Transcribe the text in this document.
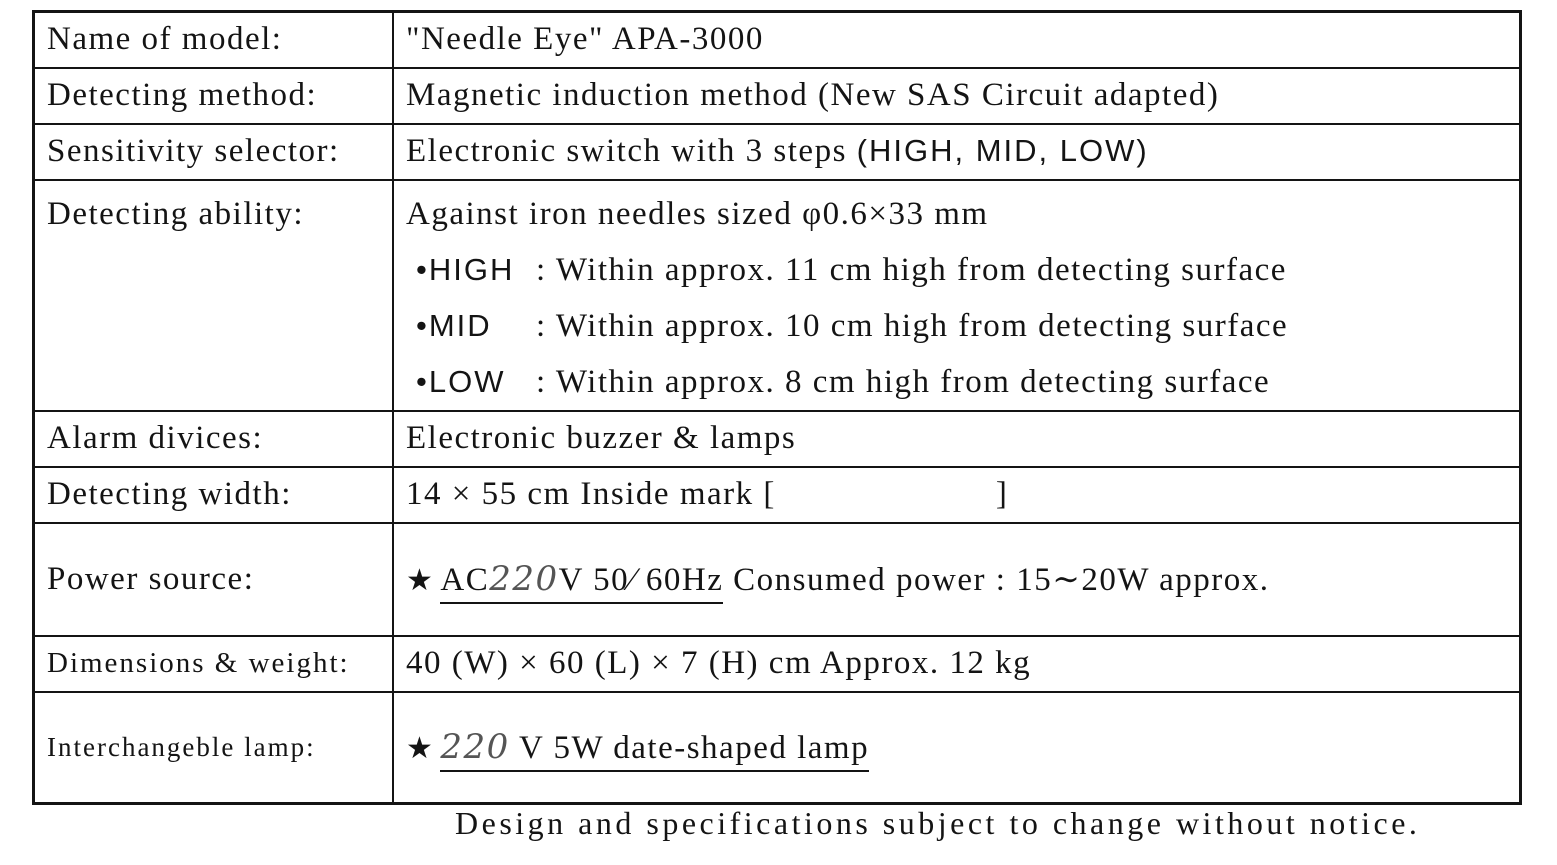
Name of model:	"Needle Eye" APA-3000
Detecting method:	Magnetic induction method (New SAS Circuit adapted)
Sensitivity selector:	Electronic switch with 3 steps (HIGH, MID, LOW)

Detecting ability:	Against iron needles sized φ0.6×33 mm
•HIGH : Within approx. 11 cm high from detecting surface
•MID : Within approx. 10 cm high from detecting surface
•LOW : Within approx. 8 cm high from detecting surface

Alarm divices:	Electronic buzzer & lamps
Detecting width:	14 × 55 cm Inside mark [ ]
Power source:	★ AC220V 50∕ 60Hz Consumed power : 15∼20W approx.
Dimensions & weight:	40 (W) × 60 (L) × 7 (H) cm Approx. 12 kg
Interchangeble lamp:	★ 220 V 5W date-shaped lamp
Design and specifications subject to change without notice.
